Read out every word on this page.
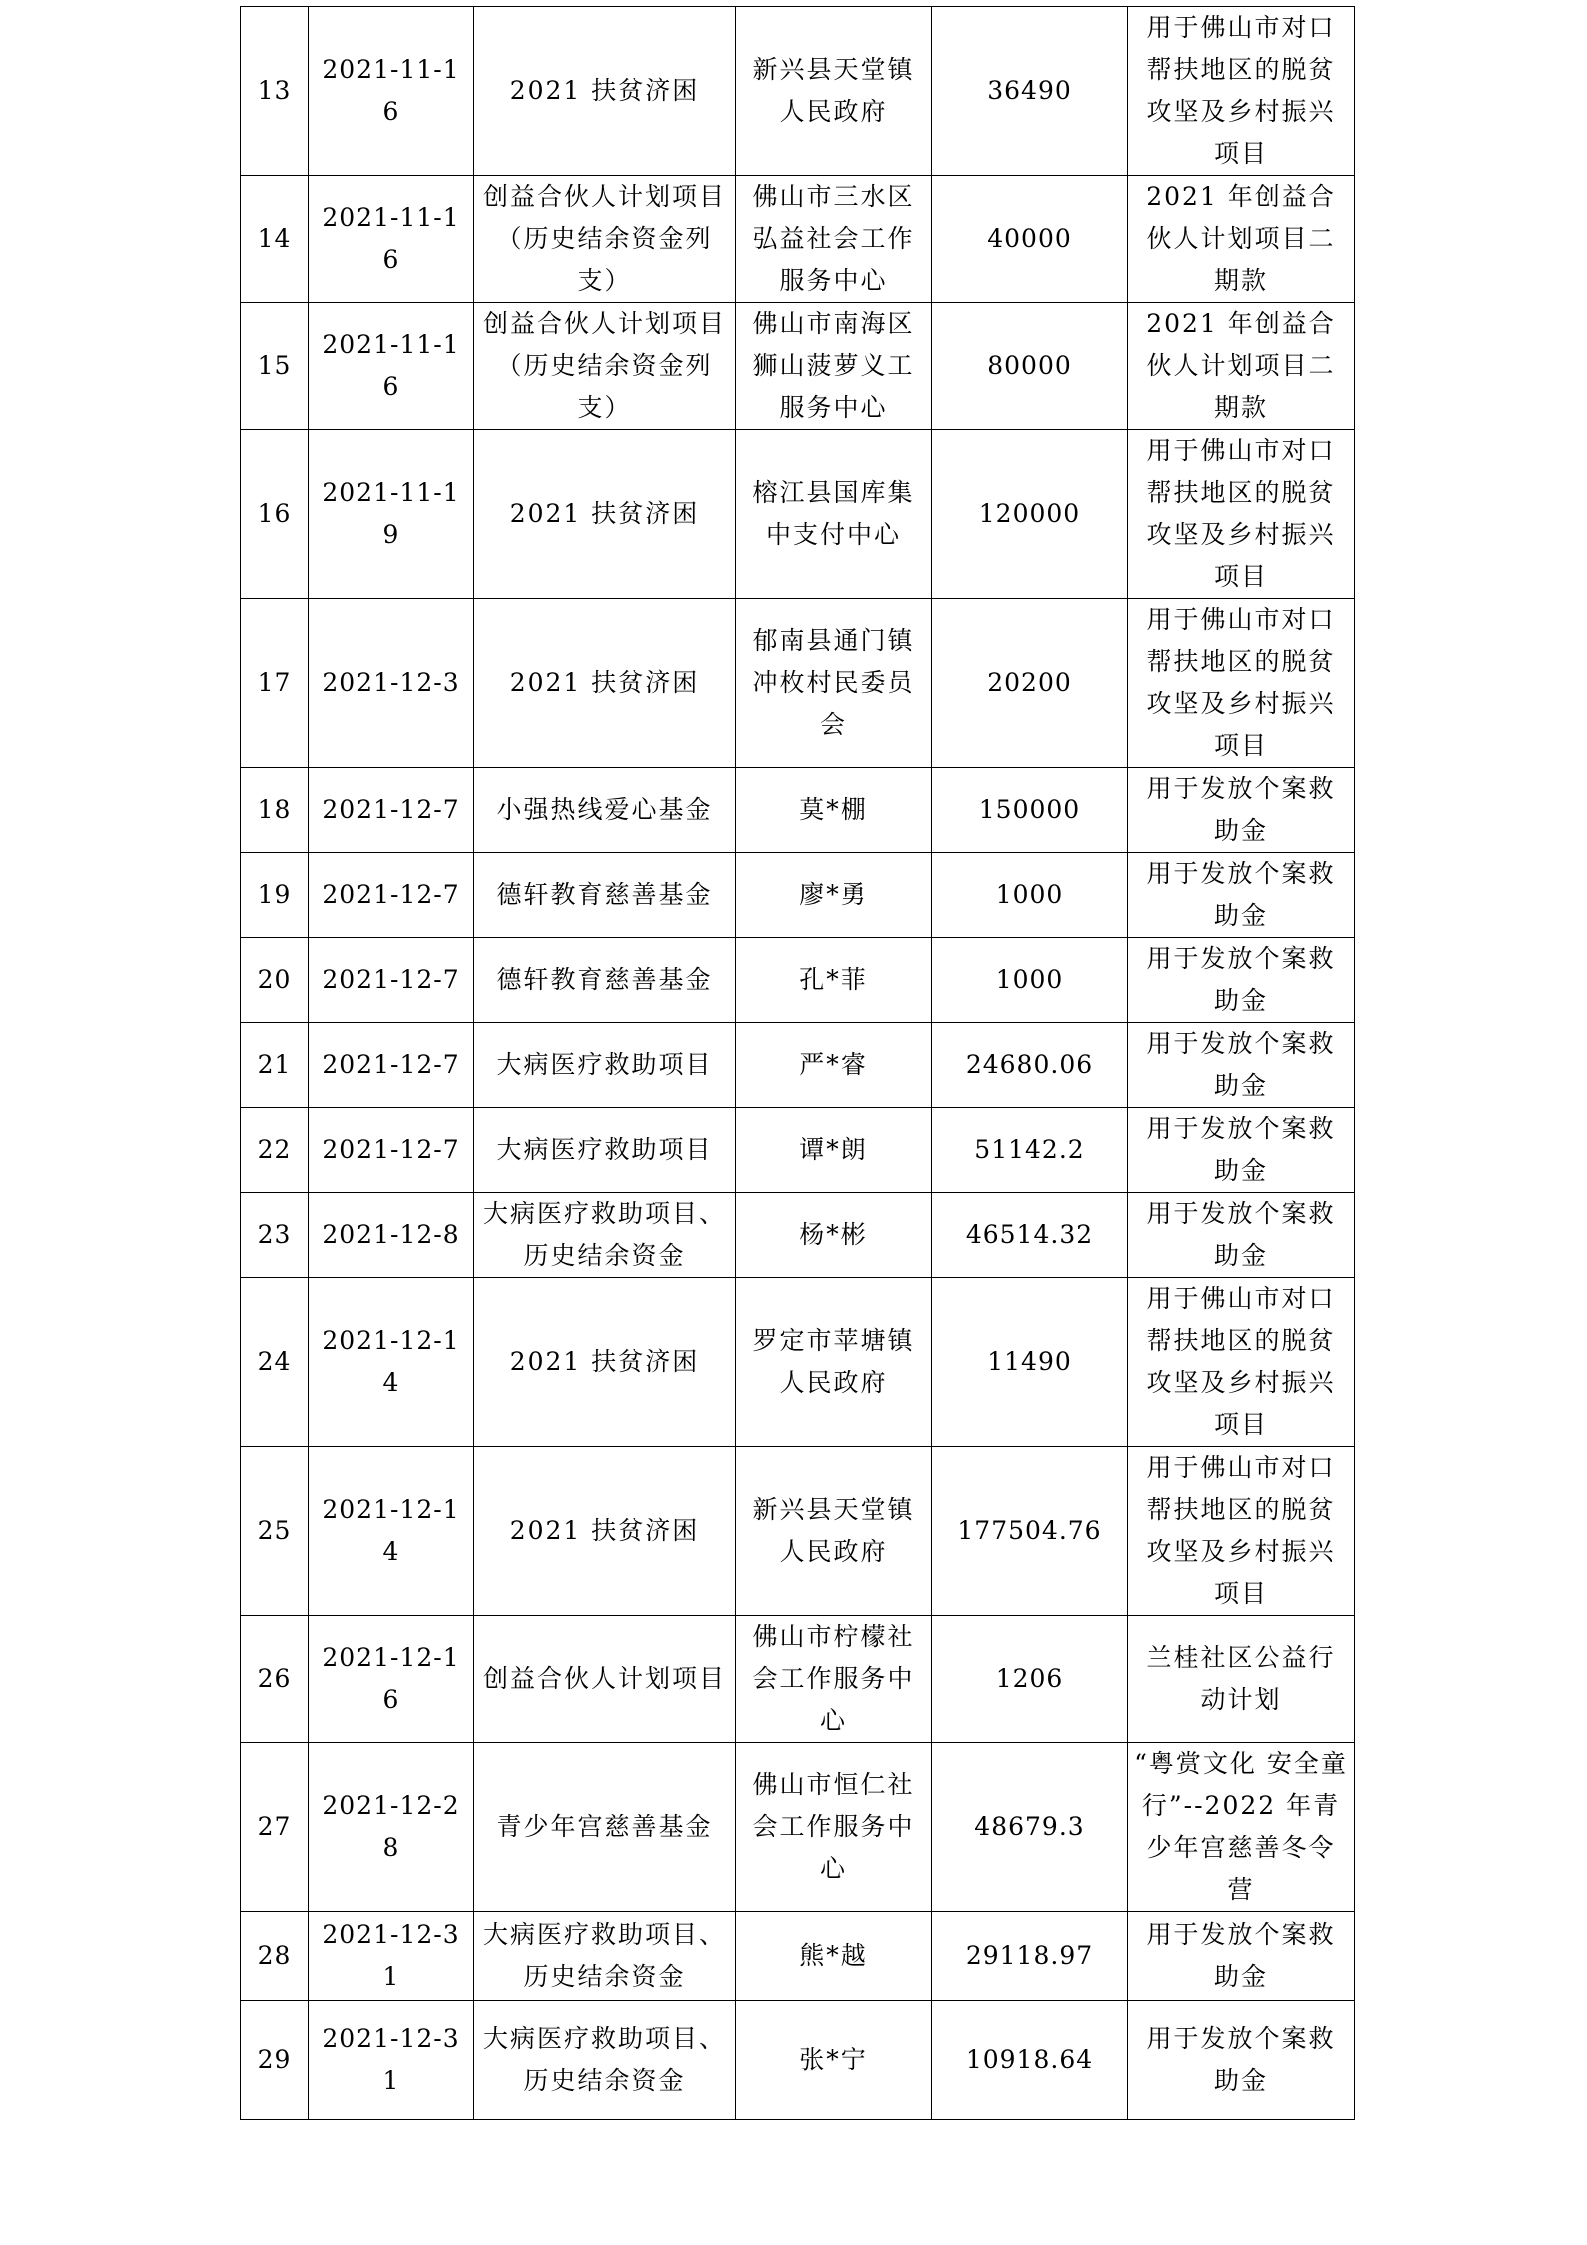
13	2021-11-16	2021 扶贫济困	新兴县天堂镇人民政府	36490	用于佛山市对口帮扶地区的脱贫攻坚及乡村振兴项目
14	2021-11-16	创益合伙人计划项目（历史结余资金列支）	佛山市三水区弘益社会工作服务中心	40000	2021 年创益合伙人计划项目二期款
15	2021-11-16	创益合伙人计划项目（历史结余资金列支）	佛山市南海区狮山菠萝义工服务中心	80000	2021 年创益合伙人计划项目二期款
16	2021-11-19	2021 扶贫济困	榕江县国库集中支付中心	120000	用于佛山市对口帮扶地区的脱贫攻坚及乡村振兴项目
17	2021-12-3	2021 扶贫济困	郁南县通门镇冲枚村民委员会	20200	用于佛山市对口帮扶地区的脱贫攻坚及乡村振兴项目
18	2021-12-7	小强热线爱心基金	莫*棚	150000	用于发放个案救助金
19	2021-12-7	德轩教育慈善基金	廖*勇	1000	用于发放个案救助金
20	2021-12-7	德轩教育慈善基金	孔*菲	1000	用于发放个案救助金
21	2021-12-7	大病医疗救助项目	严*睿	24680.06	用于发放个案救助金
22	2021-12-7	大病医疗救助项目	谭*朗	51142.2	用于发放个案救助金
23	2021-12-8	大病医疗救助项目、历史结余资金	杨*彬	46514.32	用于发放个案救助金
24	2021-12-14	2021 扶贫济困	罗定市苹塘镇人民政府	11490	用于佛山市对口帮扶地区的脱贫攻坚及乡村振兴项目
25	2021-12-14	2021 扶贫济困	新兴县天堂镇人民政府	177504.76	用于佛山市对口帮扶地区的脱贫攻坚及乡村振兴项目
26	2021-12-16	创益合伙人计划项目	佛山市柠檬社会工作服务中心	1206	兰桂社区公益行动计划
27	2021-12-28	青少年宫慈善基金	佛山市恒仁社会工作服务中心	48679.3	“粤赏文化 安全童行”--2022 年青少年宫慈善冬令营
28	2021-12-31	大病医疗救助项目、历史结余资金	熊*越	29118.97	用于发放个案救助金
29	2021-12-31	大病医疗救助项目、历史结余资金	张*宁	10918.64	用于发放个案救助金
